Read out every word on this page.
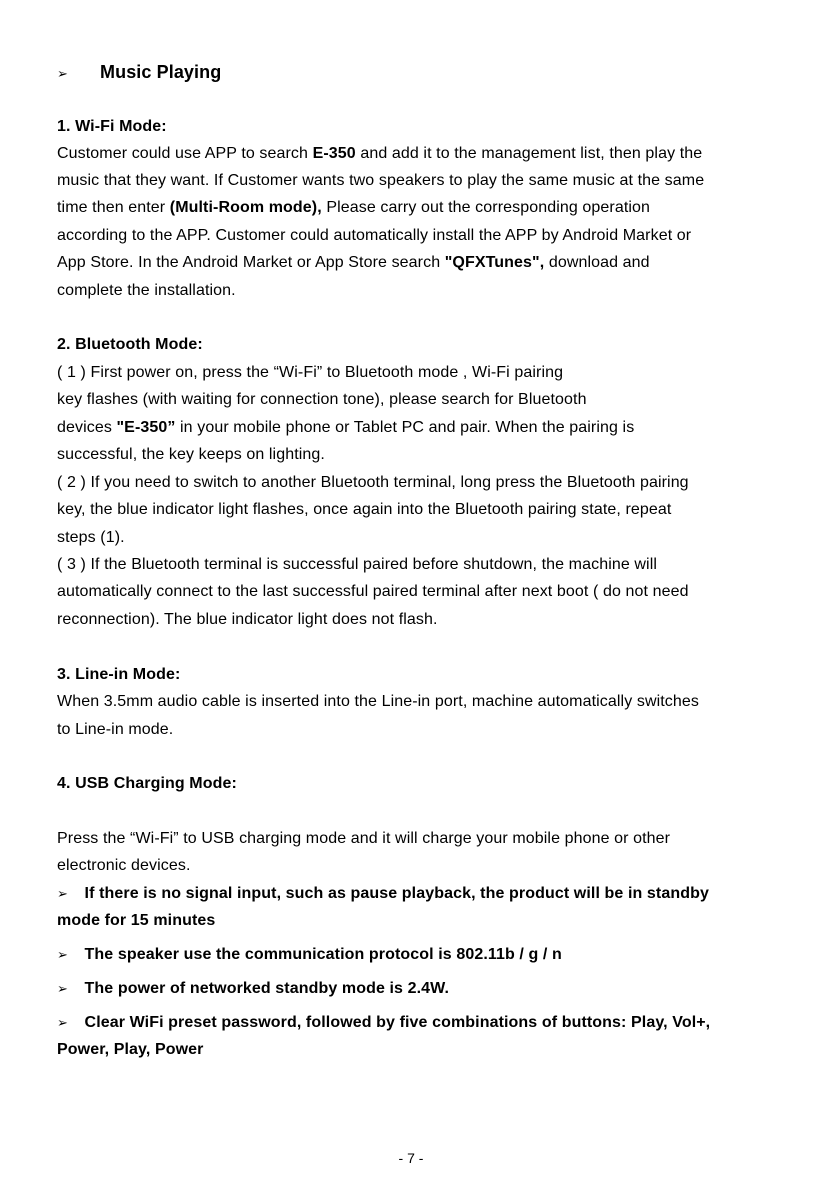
➢ Music Playing
1. Wi-Fi Mode:
Customer could use APP to search E-350 and add it to the management list, then play the
music that they want. If Customer wants two speakers to play the same music at the same
time then enter (Multi-Room mode), Please carry out the corresponding operation
according to the APP. Customer could automatically install the APP by Android Market or
App Store. In the Android Market or App Store search "QFXTunes", download and
complete the installation.
2. Bluetooth Mode:
( 1 ) First power on, press the “Wi-Fi” to Bluetooth mode , Wi-Fi pairing
key flashes (with waiting for connection tone), please search for Bluetooth
devices "E-350” in your mobile phone or Tablet PC and pair. When the pairing is
successful, the key keeps on lighting.
( 2 ) If you need to switch to another Bluetooth terminal, long press the Bluetooth pairing
key, the blue indicator light flashes, once again into the Bluetooth pairing state, repeat
steps (1).
( 3 ) If the Bluetooth terminal is successful paired before shutdown, the machine will
automatically connect to the last successful paired terminal after next boot ( do not need
reconnection). The blue indicator light does not flash.
3. Line-in Mode:
When 3.5mm audio cable is inserted into the Line-in port, machine automatically switches
to Line-in mode.
4. USB Charging Mode:
Press the “Wi-Fi” to USB charging mode and it will charge your mobile phone or other
electronic devices.
➢ If there is no signal input, such as pause playback, the product will be in standby
mode for 15 minutes
➢ The speaker use the communication protocol is 802.11b / g / n
➢ The power of networked standby mode is 2.4W.
➢ Clear WiFi preset password, followed by five combinations of buttons: Play, Vol+,
Power, Play, Power
- 7 -
